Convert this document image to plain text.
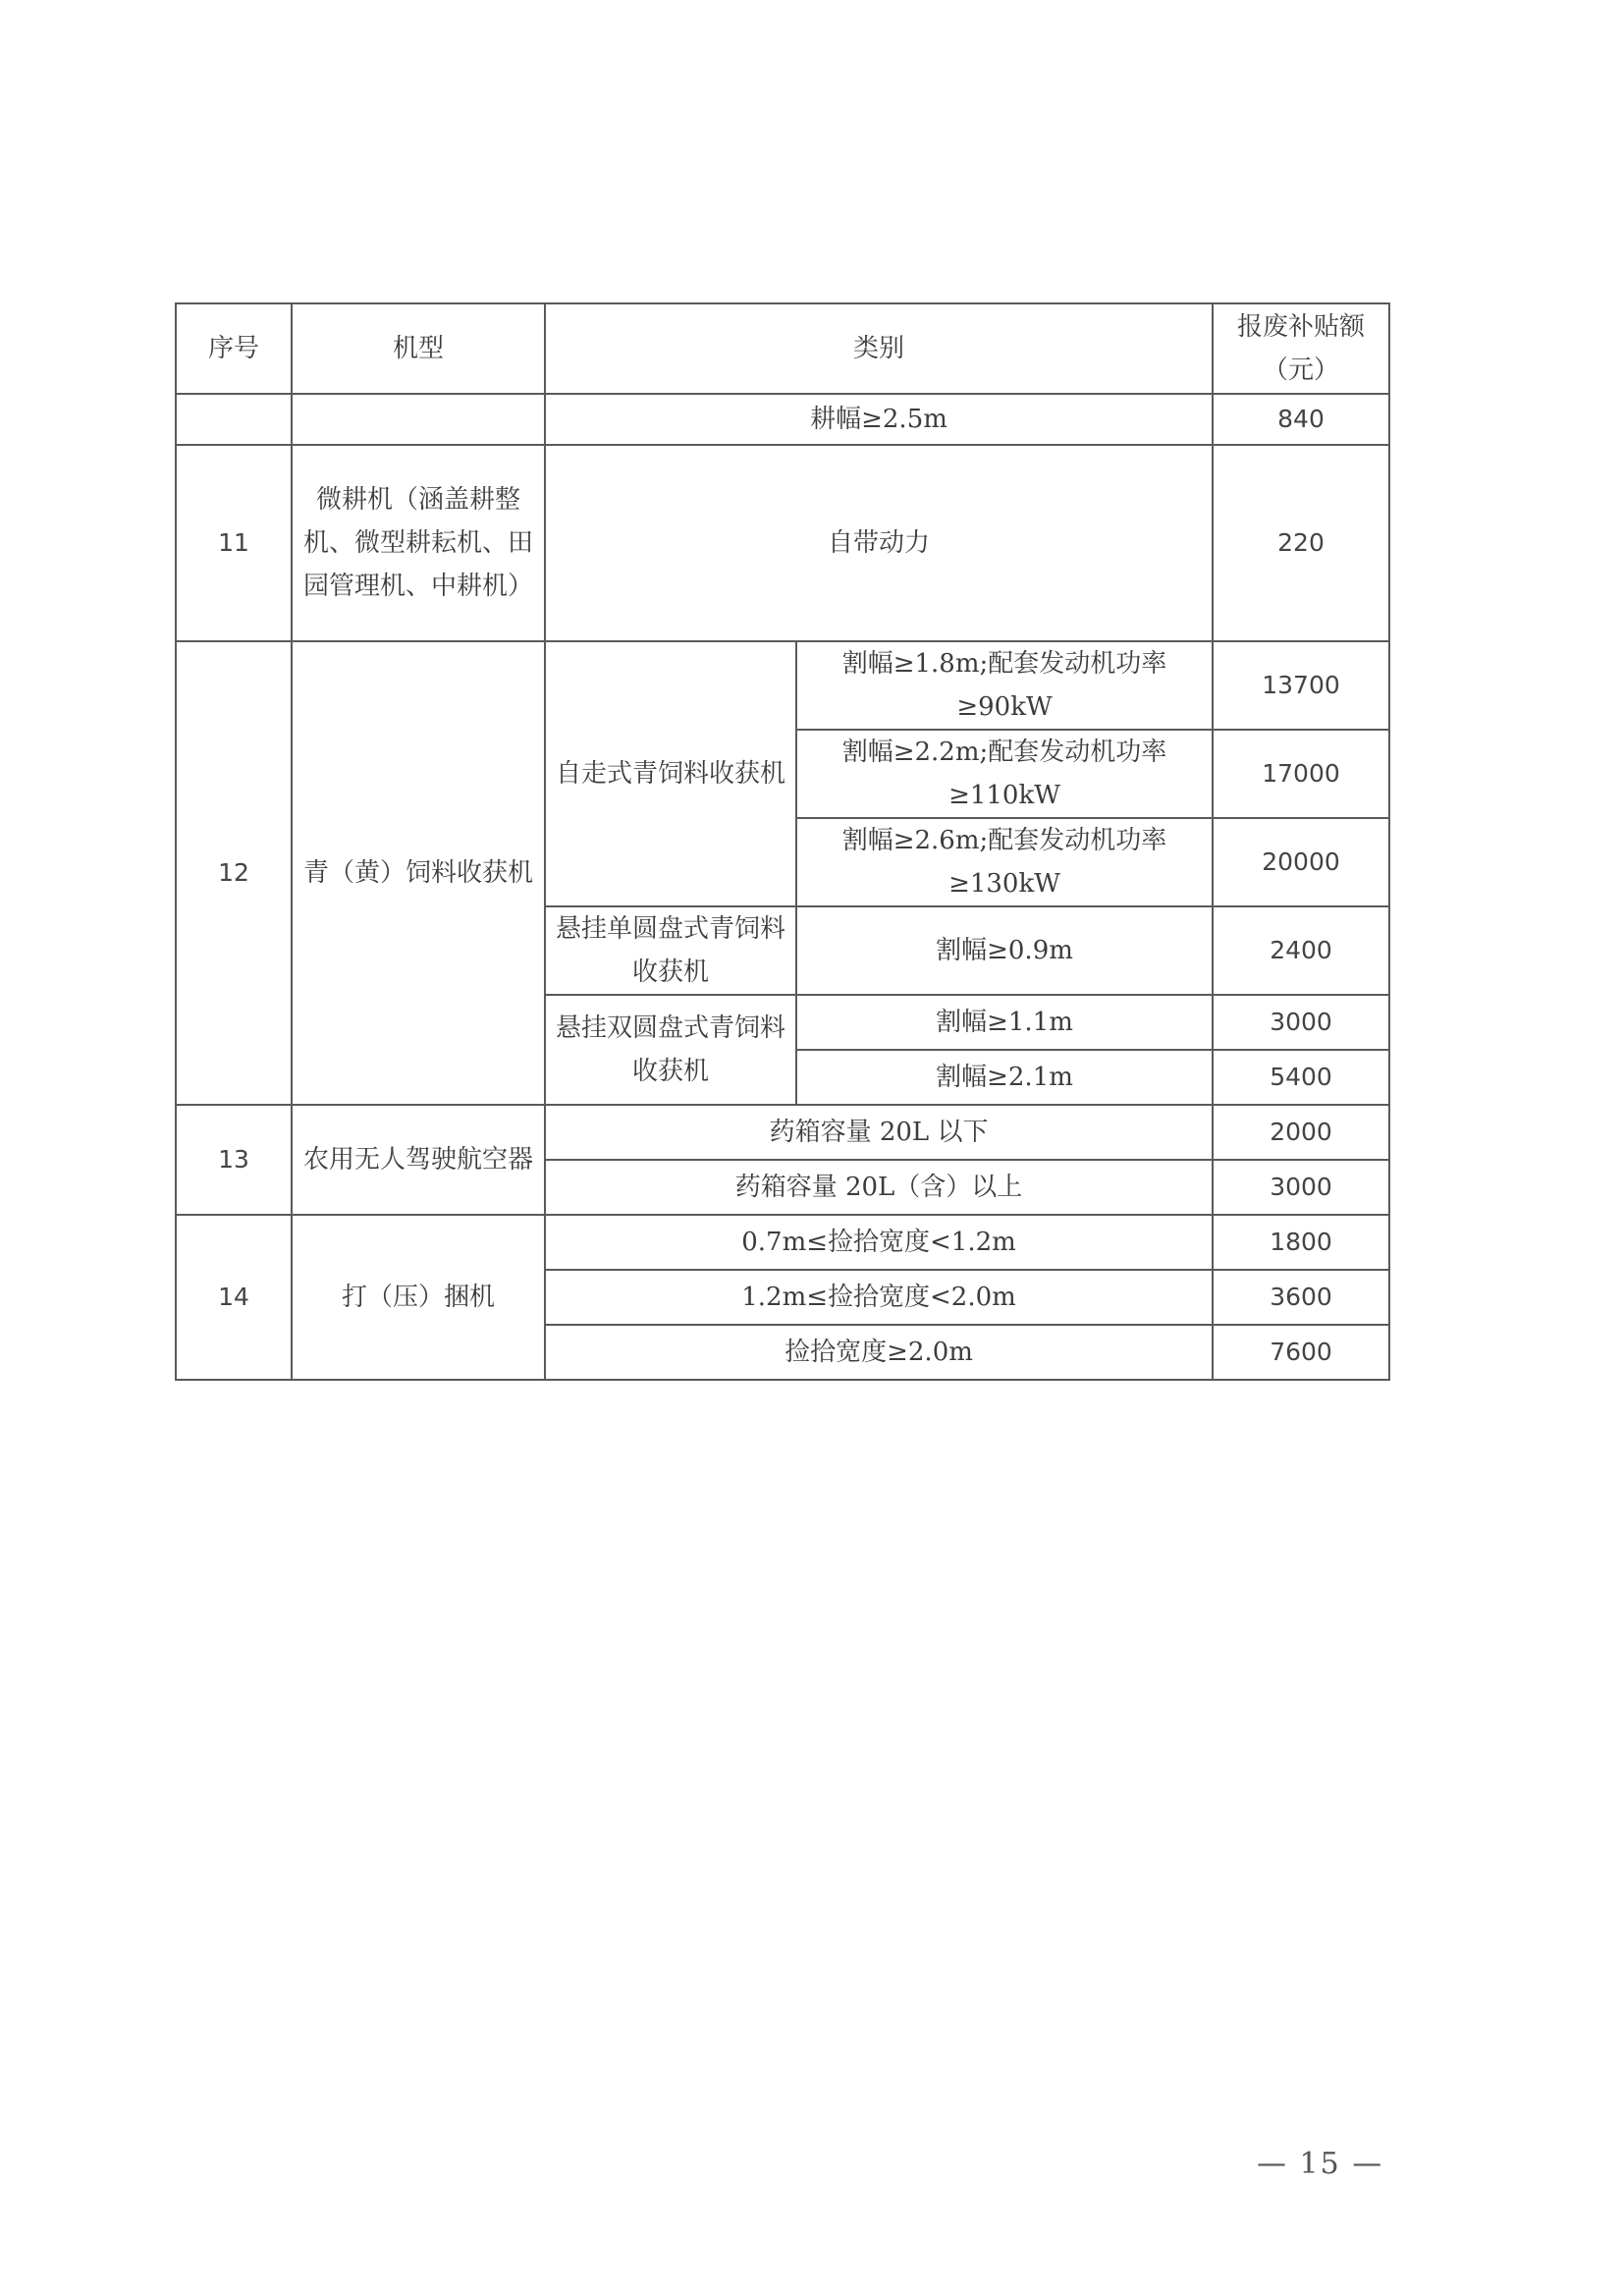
序号	机型	类别		报废补贴额（元）
		耕幅≥2.5m		840
11	微耕机（涵盖耕整机、微型耕耘机、田园管理机、中耕机）	自带动力		220
12	青（黄）饲料收获机	自走式青饲料收获机	割幅≥1.8m;配套发动机功率≥90kW	13700
			割幅≥2.2m;配套发动机功率≥110kW	17000
			割幅≥2.6m;配套发动机功率≥130kW	20000
		悬挂单圆盘式青饲料收获机	割幅≥0.9m	2400
		悬挂双圆盘式青饲料收获机	割幅≥1.1m	3000
			割幅≥2.1m	5400
13	农用无人驾驶航空器	药箱容量 20L 以下		2000
		药箱容量 20L（含）以上		3000
14	打（压）捆机	0.7m≤捡拾宽度<1.2m		1800
		1.2m≤捡拾宽度<2.0m		3600
		捡拾宽度≥2.0m		7600
— 15 —
